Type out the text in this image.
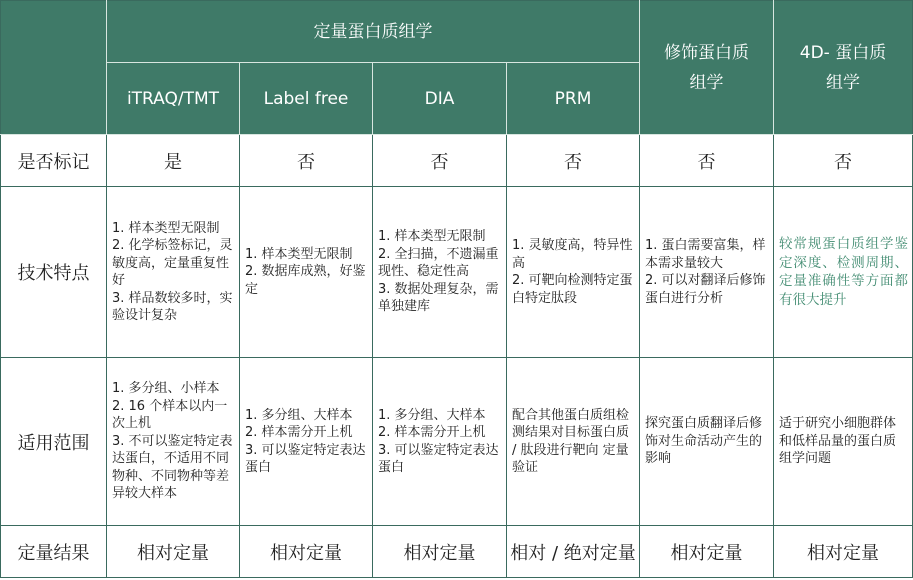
	定量蛋白质组学				修饰蛋白质
组学	4D- 蛋白质
组学
	iTRAQ/TMT	Label free	DIA	PRM		
是否标记	是	否	否	否	否	否
技术特点	1. 样本类型无限制
2. 化学标签标记，灵敏度高，定量重复性好
3. 样品数较多时，实验设计复杂	1. 样本类型无限制
2. 数据库成熟，好鉴定	1. 样本类型无限制
2. 全扫描，不遗漏重现性、稳定性高
3. 数据处理复杂，需单独建库	1. 灵敏度高，特异性高
2. 可靶向检测特定蛋白特定肽段	1. 蛋白需要富集，样本需求量较大
2. 可以对翻译后修饰蛋白进行分析	较常规蛋白质组学鉴定深度、检测周期、定量准确性等方面都有很大提升
适用范围	1. 多分组、小样本
2. 16 个样本以内一次上机
3. 不可以鉴定特定表达蛋白，不适用不同物种、不同物种等差异较大样本	1. 多分组、大样本
2. 样本需分开上机
3. 可以鉴定特定表达蛋白	1. 多分组、大样本
2. 样本需分开上机
3. 可以鉴定特定表达蛋白	配合其他蛋白质组检测结果对目标蛋白质 / 肽段进行靶向 定量验证	探究蛋白质翻译后修饰对生命活动产生的影响	适于研究小细胞群体和低样品量的蛋白质组学问题
定量结果	相对定量	相对定量	相对定量	相对 / 绝对定量	相对定量	相对定量
